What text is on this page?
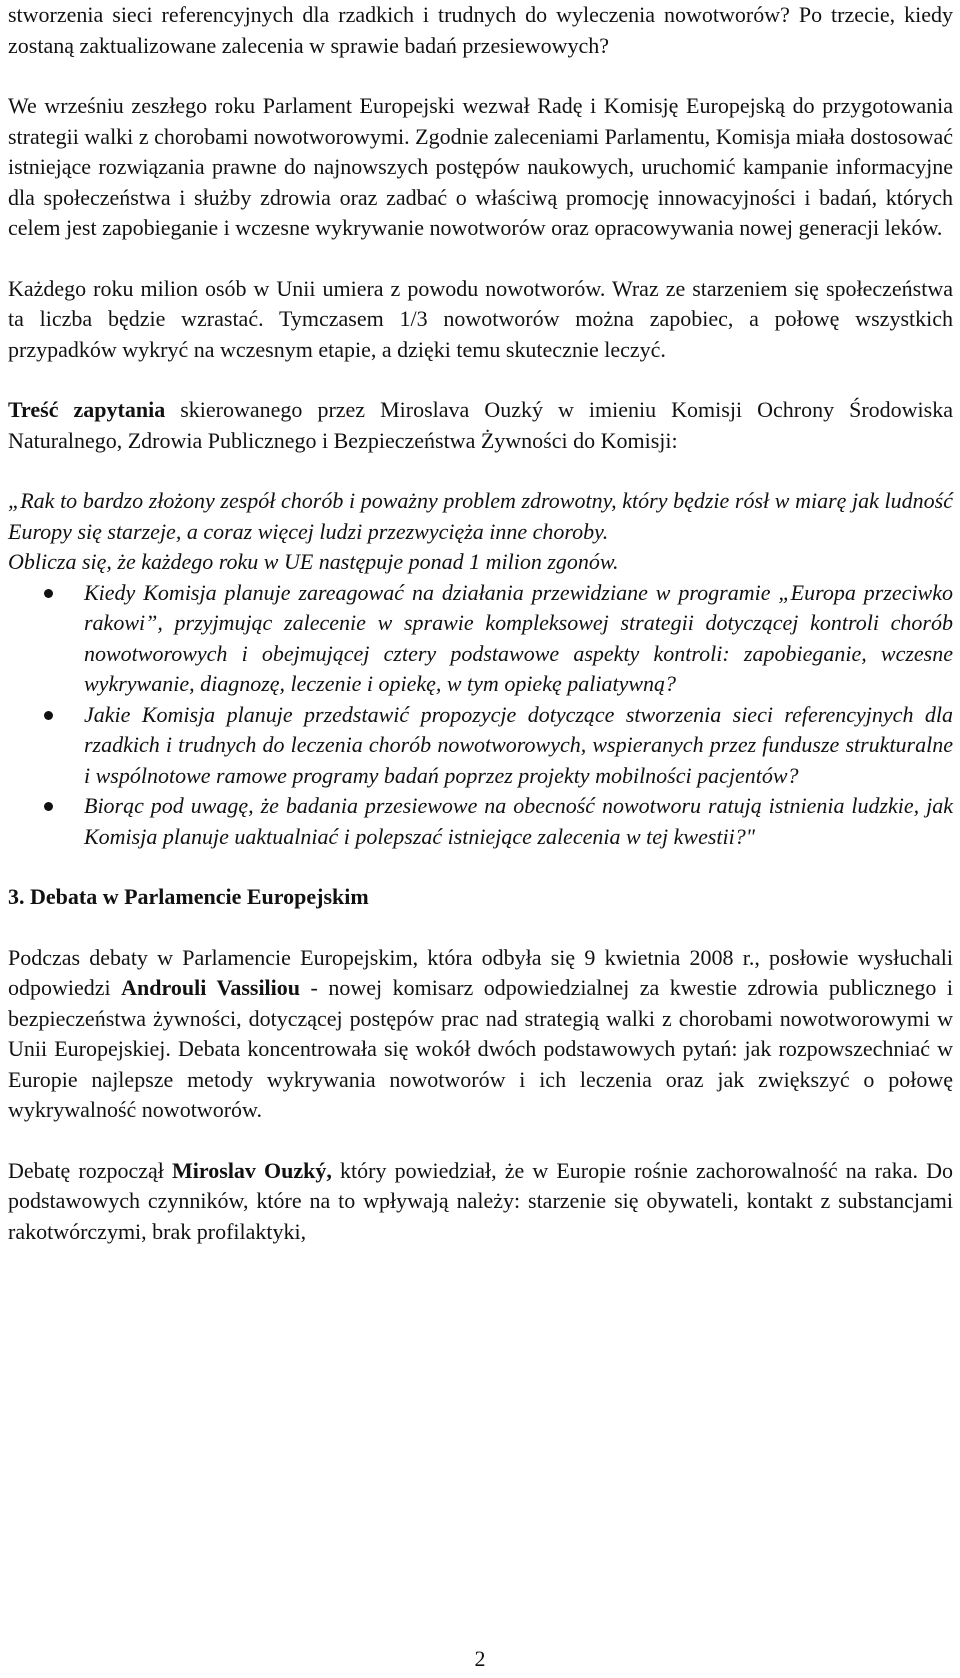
stworzenia sieci referencyjnych dla rzadkich i trudnych do wyleczenia nowotworów? Po trzecie, kiedy zostaną zaktualizowane zalecenia w sprawie badań przesiewowych?

We wrześniu zeszłego roku Parlament Europejski wezwał Radę i Komisję Europejską do przygotowania strategii walki z chorobami nowotworowymi. Zgodnie zaleceniami Parlamentu, Komisja miała dostosować istniejące rozwiązania prawne do najnowszych postępów naukowych, uruchomić kampanie informacyjne dla społeczeństwa i służby zdrowia oraz zadbać o właściwą promocję innowacyjności i badań, których celem jest zapobieganie i wczesne wykrywanie nowotworów oraz opracowywania nowej generacji leków.

Każdego roku milion osób w Unii umiera z powodu nowotworów. Wraz ze starzeniem się społeczeństwa ta liczba będzie wzrastać. Tymczasem 1/3 nowotworów można zapobiec, a połowę wszystkich przypadków wykryć na wczesnym etapie, a dzięki temu skutecznie leczyć.

Treść zapytania skierowanego przez Miroslava Ouzký w imieniu Komisji Ochrony Środowiska Naturalnego, Zdrowia Publicznego i Bezpieczeństwa Żywności do Komisji:

„Rak to bardzo złożony zespół chorób i poważny problem zdrowotny, który będzie rósł w miarę jak ludność Europy się starzeje, a coraz więcej ludzi przezwycięża inne choroby.

Oblicza się, że każdego roku w UE następuje ponad 1 milion zgonów.

Kiedy Komisja planuje zareagować na działania przewidziane w programie „Europa przeciwko rakowi”, przyjmując zalecenie w sprawie kompleksowej strategii dotyczącej kontroli chorób nowotworowych i obejmującej cztery podstawowe aspekty kontroli: zapobieganie, wczesne wykrywanie, diagnozę, leczenie i opiekę, w tym opiekę paliatywną?
Jakie Komisja planuje przedstawić propozycje dotyczące stworzenia sieci referencyjnych dla rzadkich i trudnych do leczenia chorób nowotworowych, wspieranych przez fundusze strukturalne i wspólnotowe ramowe programy badań poprzez projekty mobilności pacjentów?
Biorąc pod uwagę, że badania przesiewowe na obecność nowotworu ratują istnienia ludzkie, jak Komisja planuje uaktualniać i polepszać istniejące zalecenia w tej kwestii?"
3. Debata w Parlamencie Europejskim

Podczas debaty w Parlamencie Europejskim, która odbyła się 9 kwietnia 2008 r., posłowie wysłuchali odpowiedzi Androuli Vassiliou - nowej komisarz odpowiedzialnej za kwestie zdrowia publicznego i bezpieczeństwa żywności, dotyczącej postępów prac nad strategią walki z chorobami nowotworowymi w Unii Europejskiej. Debata koncentrowała się wokół dwóch podstawowych pytań: jak rozpowszechniać w Europie najlepsze metody wykrywania nowotworów i ich leczenia oraz jak zwiększyć o połowę wykrywalność nowotworów.

Debatę rozpoczął Miroslav Ouzký, który powiedział, że w Europie rośnie zachorowalność na raka. Do podstawowych czynników, które na to wpływają należy: starzenie się obywateli, kontakt z substancjami rakotwórczymi, brak profilaktyki,

2
